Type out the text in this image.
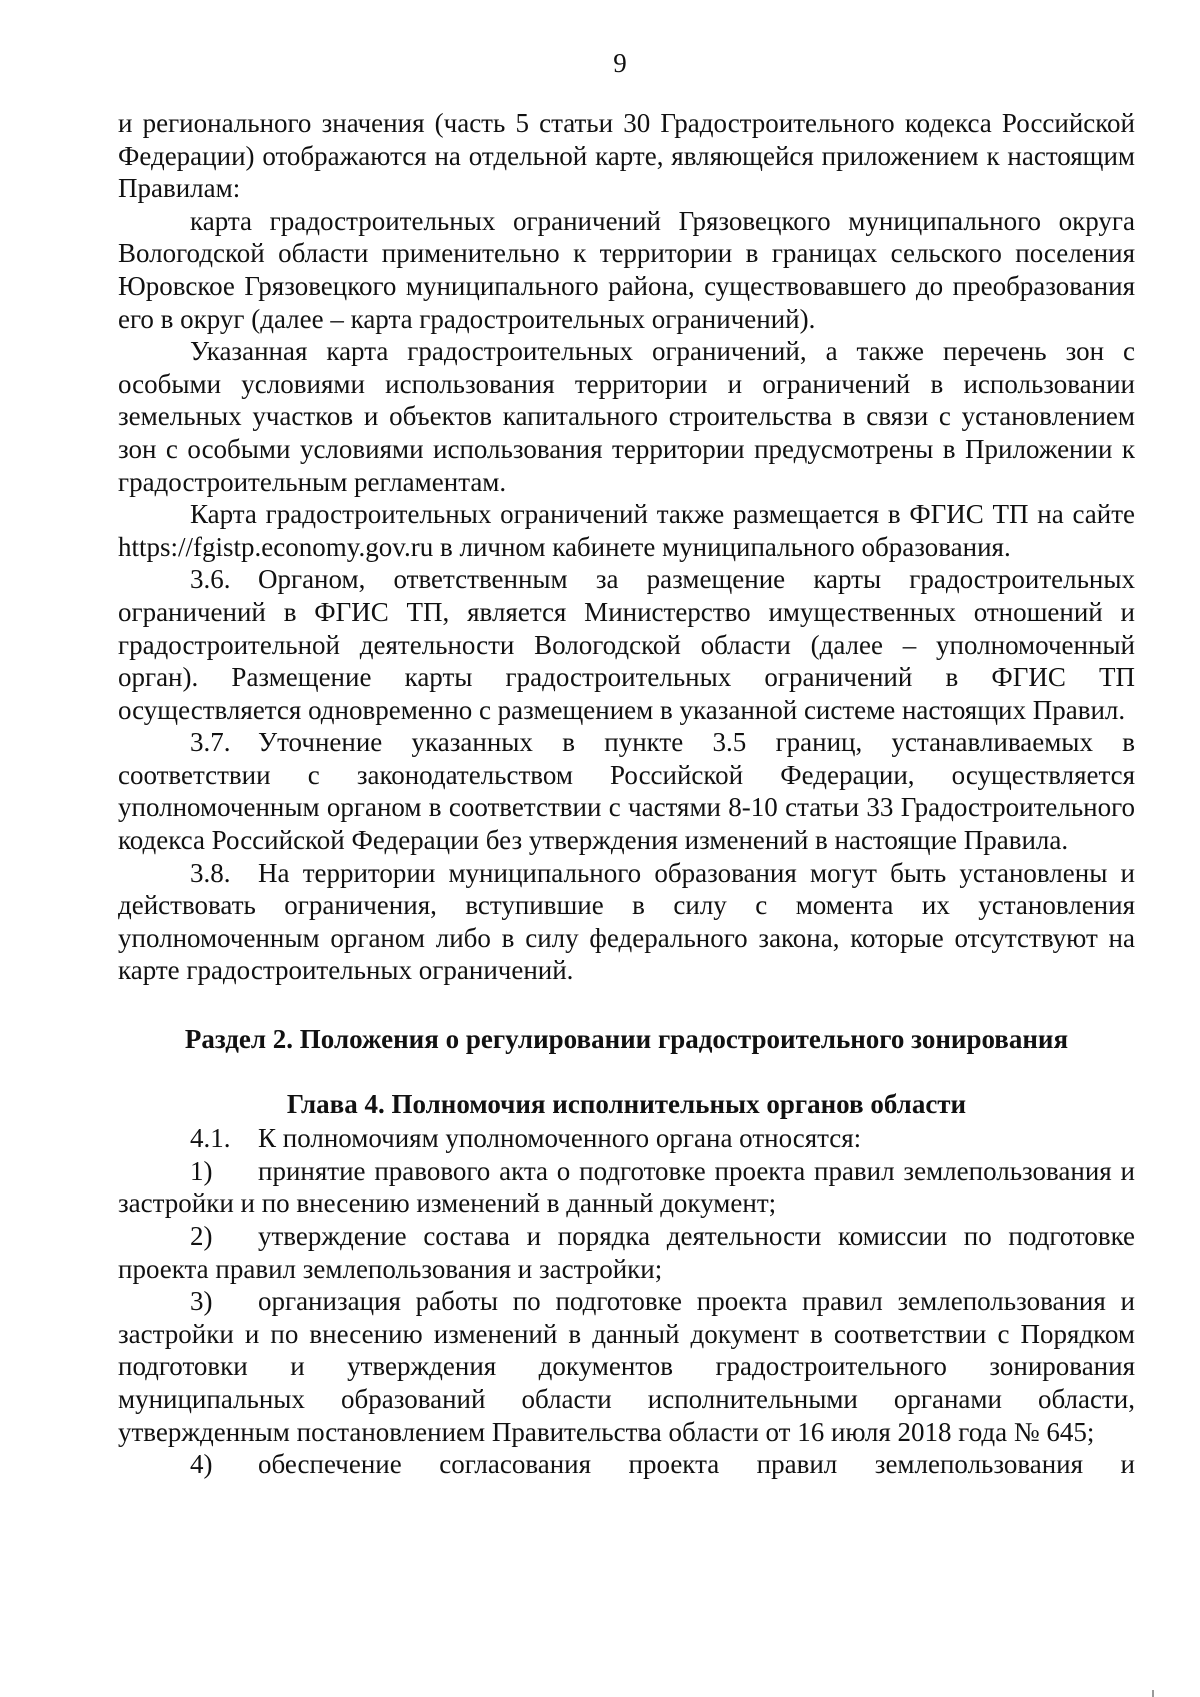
9

и регионального значения (часть 5 статьи 30 Градостроительного кодекса Российской Федерации) отображаются на отдельной карте, являющейся приложением к настоящим Правилам:

карта градостроительных ограничений Грязовецкого муниципального округа Вологодской области применительно к территории в границах сельского поселения Юровское Грязовецкого муниципального района, существовавшего до преобразования его в округ (далее – карта градостроительных ограничений).

Указанная карта градостроительных ограничений, а также перечень зон с особыми условиями использования территории и ограничений в использовании земельных участков и объектов капитального строительства в связи с установлением зон с особыми условиями использования территории предусмотрены в Приложении к градостроительным регламентам.

Карта градостроительных ограничений также размещается в ФГИС ТП на сайте https://fgistp.economy.gov.ru в личном кабинете муниципального образования.

3.6. Органом, ответственным за размещение карты градостроительных ограничений в ФГИС ТП, является Министерство имущественных отношений и градостроительной деятельности Вологодской области (далее – уполномоченный орган). Размещение карты градостроительных ограничений в ФГИС ТП осуществляется одновременно с размещением в указанной системе настоящих Правил.

3.7. Уточнение указанных в пункте 3.5 границ, устанавливаемых в соответствии с законодательством Российской Федерации, осуществляется уполномоченным органом в соответствии с частями 8-10 статьи 33 Градостроительного кодекса Российской Федерации без утверждения изменений в настоящие Правила.

3.8. На территории муниципального образования могут быть установлены и действовать ограничения, вступившие в силу с момента их установления уполномоченным органом либо в силу федерального закона, которые отсутствуют на карте градостроительных ограничений.

Раздел 2. Положения о регулировании градостроительного зонирования

Глава 4. Полномочия исполнительных органов области

4.1. К полномочиям уполномоченного органа относятся:

1) принятие правового акта о подготовке проекта правил землепользования и застройки и по внесению изменений в данный документ;

2) утверждение состава и порядка деятельности комиссии по подготовке проекта правил землепользования и застройки;

3) организация работы по подготовке проекта правил землепользования и застройки и по внесению изменений в данный документ в соответствии с Порядком подготовки и утверждения документов градостроительного зонирования муниципальных образований области исполнительными органами области, утвержденным постановлением Правительства области от 16 июля 2018 года № 645;

4) обеспечение согласования проекта правил землепользования и
